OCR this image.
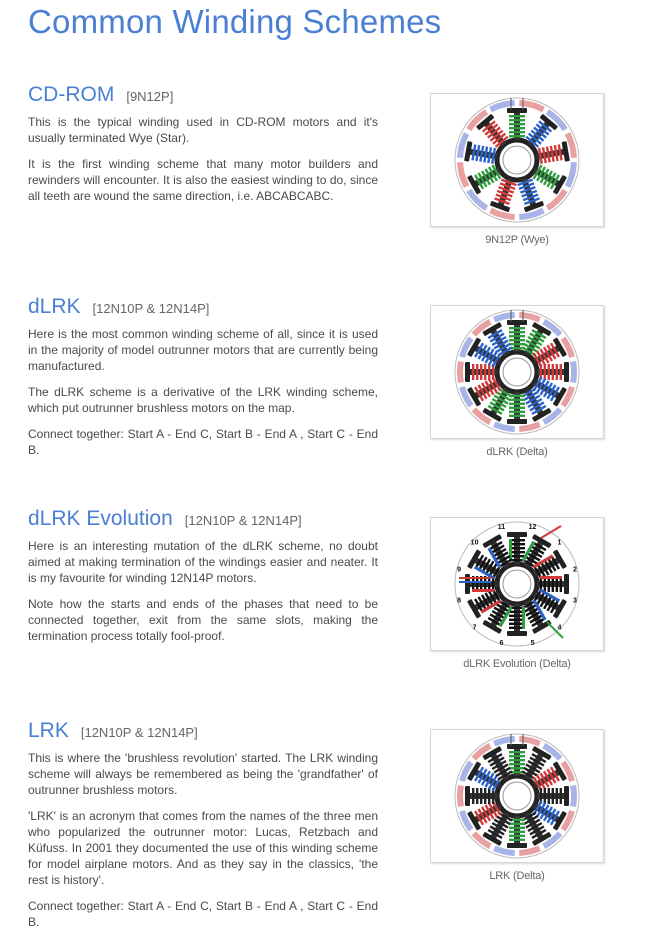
Common Winding Schemes
CD-ROM [9N12P]

This is the typical winding used in CD-ROM motors and it's usually terminated Wye (Star).

It is the first winding scheme that many motor builders and rewinders will encounter. It is also the easiest winding to do, since all teeth are wound the same direction, i.e. ABCABCABC.

9N12P (Wye)
dLRK [12N10P & 12N14P]

Here is the most common winding scheme of all, since it is used in the majority of model outrunner motors that are currently being manufactured.

The dLRK scheme is a derivative of the LRK winding scheme, which put outrunner brushless motors on the map.

Connect together: Start A - End C, Start B - End A , Start C - End B.	dLRK (Delta)
dLRK Evolution [12N10P & 12N14P]

Here is an interesting mutation of the dLRK scheme, no doubt aimed at making termination of the windings easier and neater. It is my favourite for winding 12N14P motors.

Note how the starts and ends of the phases that need to be connected together, exit from the same slots, making the termination process totally fool-proof.

1
2
3
4
5
6
7
8
9
10
11	12
dLRK Evolution (Delta)
LRK [12N10P & 12N14P]

This is where the 'brushless revolution' started. The LRK winding scheme will always be remembered as being the 'grandfather' of outrunner brushless motors.

'LRK' is an acronym that comes from the names of the three men who popularized the outrunner motor: Lucas, Retzbach and Küfuss. In 2001 they documented the use of this winding scheme for model airplane motors. And as they say in the classics, 'the rest is history'.

Connect together: Start A - End C, Start B - End A , Start C - End B.

LRK (Delta)
